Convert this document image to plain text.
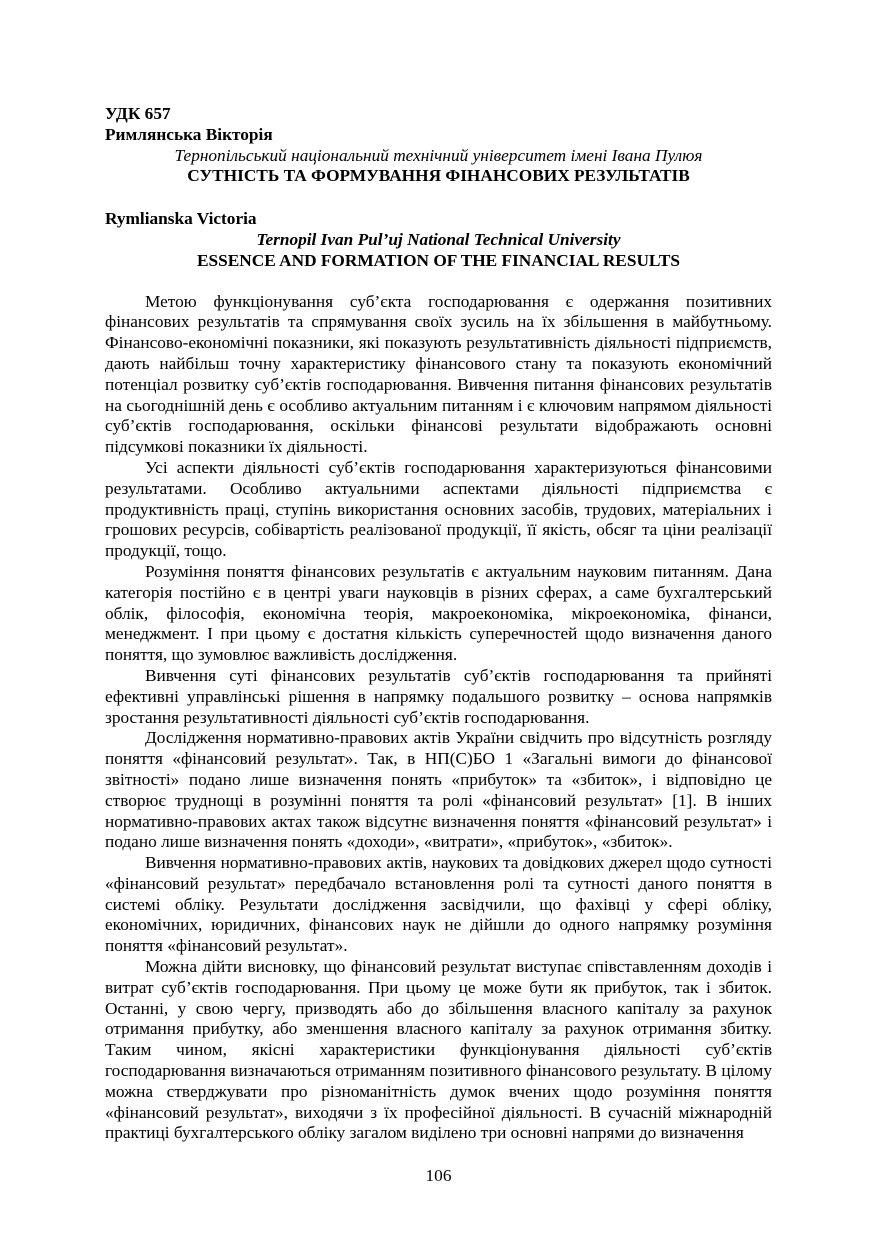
УДК 657
Римлянська Вікторія
Тернопільський національний технічний університет імені Івана Пулюя
СУТНІСТЬ ТА ФОРМУВАННЯ ФІНАНСОВИХ РЕЗУЛЬТАТІВ
Rymlianska Victoria
Ternopil Ivan Pul’uj National Technical University
ESSENCE AND FORMATION OF THE FINANCIAL RESULTS

Метою функціонування суб’єкта господарювання є одержання позитивних фінансових результатів та спрямування своїх зусиль на їх збільшення в майбутньому. Фінансово-економічні показники, які показують результативність діяльності підприємств, дають найбільш точну характеристику фінансового стану та показують економічний потенціал розвитку суб’єктів господарювання. Вивчення питання фінансових результатів на сьогоднішній день є особливо актуальним питанням і є ключовим напрямом діяльності суб’єктів господарювання, оскільки фінансові результати відображають основні підсумкові показники їх діяльності.

Усі аспекти діяльності суб’єктів господарювання характеризуються фінансовими результатами. Особливо актуальними аспектами діяльності підприємства є продуктивність праці, ступінь використання основних засобів, трудових, матеріальних і грошових ресурсів, собівартість реалізованої продукції, її якість, обсяг та ціни реалізації продукції, тощо.

Розуміння поняття фінансових результатів є актуальним науковим питанням. Дана категорія постійно є в центрі уваги науковців в різних сферах, а саме бухгалтерський облік, філософія, економічна теорія, макроекономіка, мікроекономіка, фінанси, менеджмент. І при цьому є достатня кількість суперечностей щодо визначення даного поняття, що зумовлює важливість дослідження.

Вивчення суті фінансових результатів суб’єктів господарювання та прийняті ефективні управлінські рішення в напрямку подальшого розвитку – основа напрямків зростання результативності діяльності суб’єктів господарювання.

Дослідження нормативно-правових актів України свідчить про відсутність розгляду поняття «фінансовий результат». Так, в НП(С)БО 1 «Загальні вимоги до фінансової звітності» подано лише визначення понять «прибуток» та «збиток», і відповідно це створює труднощі в розумінні поняття та ролі «фінансовий результат» [1]. В інших нормативно-правових актах також відсутнє визначення поняття «фінансовий результат» і подано лише визначення понять «доходи», «витрати», «прибуток», «збиток».

Вивчення нормативно-правових актів, наукових та довідкових джерел щодо сутності «фінансовий результат» передбачало встановлення ролі та сутності даного поняття в системі обліку. Результати дослідження засвідчили, що фахівці у сфері обліку, економічних, юридичних, фінансових наук не дійшли до одного напрямку розуміння поняття «фінансовий результат».

Можна дійти висновку, що фінансовий результат виступає співставленням доходів і витрат суб’єктів господарювання. При цьому це може бути як прибуток, так і збиток. Останні, у свою чергу, призводять або до збільшення власного капіталу за рахунок отримання прибутку, або зменшення власного капіталу за рахунок отримання збитку. Таким чином, якісні характеристики функціонування діяльності суб’єктів господарювання визначаються отриманням позитивного фінансового результату. В цілому можна стверджувати про різноманітність думок вчених щодо розуміння поняття «фінансовий результат», виходячи з їх професійної діяльності. В сучасній міжнародній практиці бухгалтерського обліку загалом виділено три основні напрями до визначення

106
